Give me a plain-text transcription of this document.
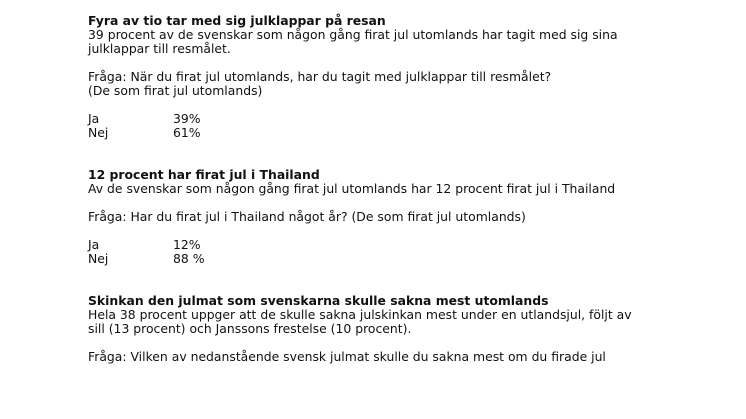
Fyra av tio tar med sig julklappar på resan
39 procent av de svenskar som någon gång firat jul utomlands har tagit med sig sina
julklappar till resmålet.
Fråga: När du firat jul utomlands, har du tagit med julklappar till resmålet?
(De som firat jul utomlands)
Ja	39%
Nej	61%
12 procent har firat jul i Thailand
Av de svenskar som någon gång firat jul utomlands har 12 procent firat jul i Thailand
Fråga: Har du firat jul i Thailand något år? (De som firat jul utomlands)
Ja	12%
Nej	88 %
Skinkan den julmat som svenskarna skulle sakna mest utomlands
Hela 38 procent uppger att de skulle sakna julskinkan mest under en utlandsjul, följt av
sill (13 procent) och Janssons frestelse (10 procent).
Fråga: Vilken av nedanstående svensk julmat skulle du sakna mest om du firade jul
